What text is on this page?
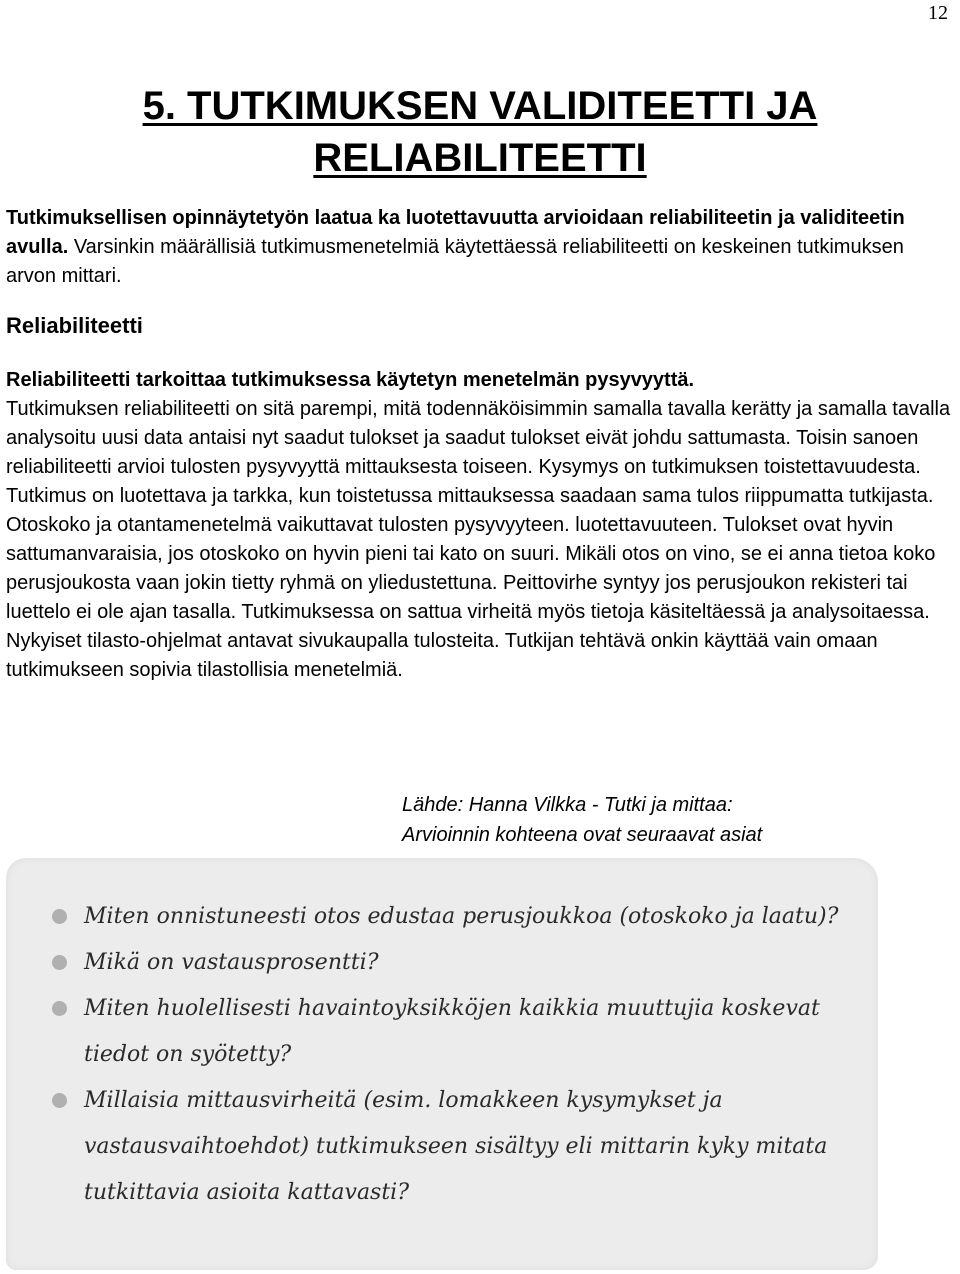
12
5. TUTKIMUKSEN VALIDITEETTI JA
RELIABILITEETTI
Tutkimuksellisen opinnäytetyön laatua ka luotettavuutta arvioidaan reliabiliteetin ja validiteetin avulla. Varsinkin määrällisiä tutkimusmenetelmiä käytettäessä reliabiliteetti on keskeinen tutkimuksen arvon mittari.
Reliabiliteetti

Reliabiliteetti tarkoittaa tutkimuksessa käytetyn menetelmän pysyvyyttä.

Tutkimuksen reliabiliteetti on sitä parempi, mitä todennäköisimmin samalla tavalla kerätty ja samalla tavalla analysoitu uusi data antaisi nyt saadut tulokset ja saadut tulokset eivät johdu sattumasta. Toisin sanoen reliabiliteetti arvioi tulosten pysyvyyttä mittauksesta toiseen. Kysymys on tutkimuksen toistettavuudesta. Tutkimus on luotettava ja tarkka, kun toistetussa mittauksessa saadaan sama tulos riippumatta tutkijasta.

Otoskoko ja otantamenetelmä vaikuttavat tulosten pysyvyyteen. luotettavuuteen. Tulokset ovat hyvin sattumanvaraisia, jos otoskoko on hyvin pieni tai kato on suuri. Mikäli otos on vino, se ei anna tietoa koko perusjoukosta vaan jokin tietty ryhmä on yliedustettuna. Peittovirhe syntyy jos perusjoukon rekisteri tai luettelo ei ole ajan tasalla. Tutkimuksessa on sattua virheitä myös tietoja käsiteltäessä ja analysoitaessa. Nykyiset tilasto-ohjelmat antavat sivukaupalla tulosteita. Tutkijan tehtävä onkin käyttää vain omaan tutkimukseen sopivia tilastollisia menetelmiä.

Lähde: Hanna Vilkka - Tutki ja mittaa:
Arvioinnin kohteena ovat seuraavat asiat
Miten onnistuneesti otos edustaa perusjoukkoa (otoskoko ja laatu)?
Mikä on vastausprosentti?
Miten huolellisesti havaintoyksikköjen kaikkia muuttujia koskevat tiedot on syötetty?
Millaisia mittausvirheitä (esim. lomakkeen kysymykset ja vastausvaihtoehdot) tutkimukseen sisältyy eli mittarin kyky mitata tutkittavia asioita kattavasti?
